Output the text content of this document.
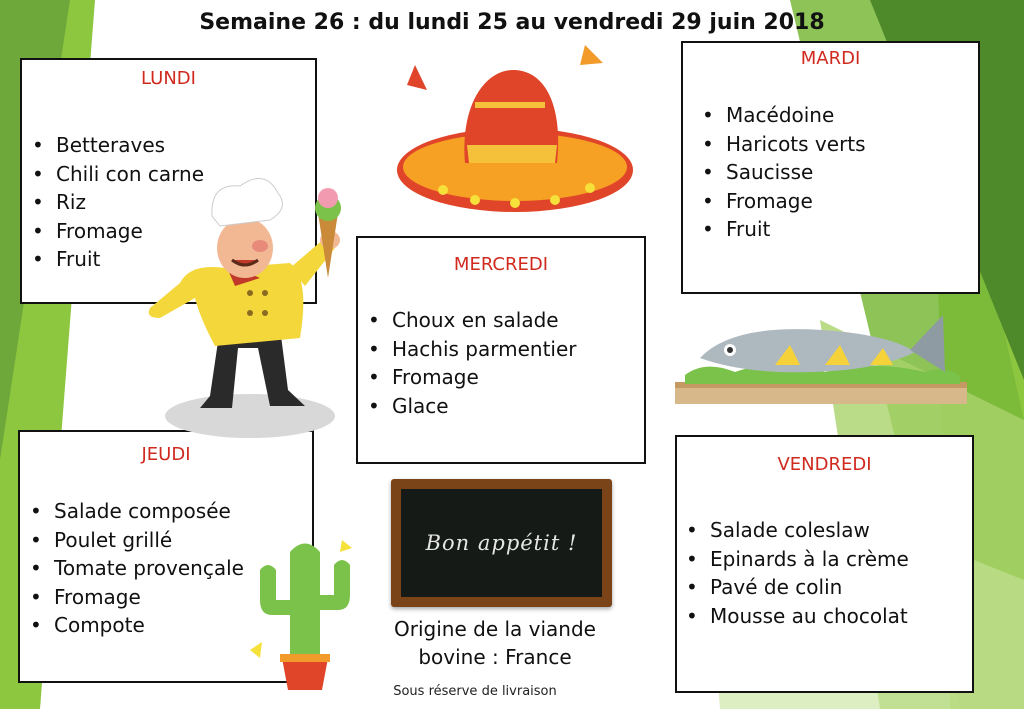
Semaine 26 : du lundi 25 au vendredi 29 juin 2018
LUNDI
• Betteraves
• Chili con carne
• Riz
• Fromage
• Fruit
MARDI
• Macédoine
• Haricots verts
• Saucisse
• Fromage
• Fruit
MERCREDI
• Choux en salade
• Hachis parmentier
• Fromage
• Glace
JEUDI
• Salade composée
• Poulet grillé
• Tomate provençale
• Fromage
• Compote
VENDREDI
• Salade coleslaw
• Epinards à la crème
• Pavé de colin
• Mousse au chocolat
Bon appétit !
Origine de la viande
bovine : France
Sous réserve de livraison
